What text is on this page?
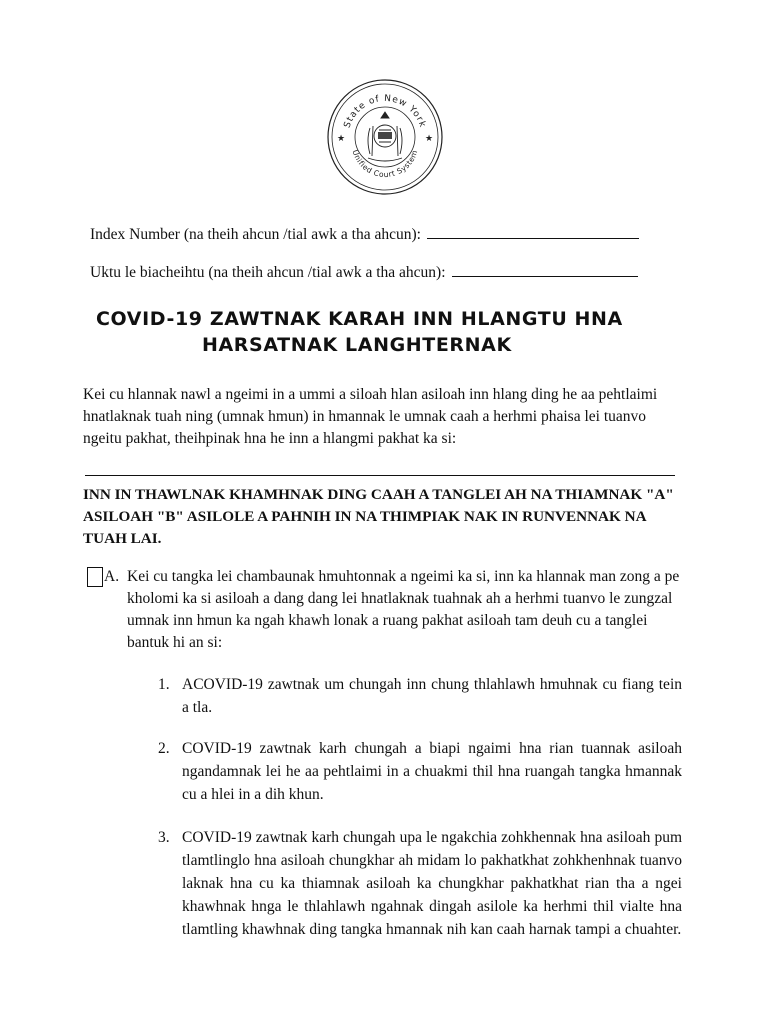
State of New York
Unified Court System
★	★
Index Number (na theih ahcun /tial awk a tha ahcun):
Uktu le biacheihtu (na theih ahcun /tial awk a tha ahcun):
COVID-19 ZAWTNAK KARAH INN HLANGTU HNA
HARSATNAK LANGHTERNAK
Kei cu hlannak nawl a ngeimi in a ummi a siloah hlan asiloah inn hlang ding he aa pehtlaimi hnatlaknak tuah ning (umnak hmun) in hmannak le umnak caah a herhmi phaisa lei tuanvo ngeitu pakhat, theihpinak hna he inn a hlangmi pakhat ka si:
INN IN THAWLNAK KHAMHNAK DING CAAH A TANGLEI AH NA THIAMNAK "A" ASILOAH "B" ASILOLE A PAHNIH IN NA THIMPIAK NAK IN RUNVENNAK NA TUAH LAI.
A. Kei cu tangka lei chambaunak hmuhtonnak a ngeimi ka si, inn ka hlannak man zong a pe kholomi ka si asiloah a dang dang lei hnatlaknak tuahnak ah a herhmi tuanvo le zungzal umnak inn hmun ka ngah khawh lonak a ruang pakhat asiloah tam deuh cu a tanglei bantuk hi an si:
1. ACOVID-19 zawtnak um chungah inn chung thlahlawh hmuhnak cu fiang tein a tla.
2. COVID-19 zawtnak karh chungah a biapi ngaimi hna rian tuannak asiloah ngandamnak lei he aa pehtlaimi in a chuakmi thil hna ruangah tangka hmannak cu a hlei in a dih khun.
3. COVID-19 zawtnak karh chungah upa le ngakchia zohkhennak hna asiloah pum tlamtlinglo hna asiloah chungkhar ah midam lo pakhatkhat zohkhenhnak tuanvo laknak hna cu ka thiamnak asiloah ka chungkhar pakhatkhat rian tha a ngei khawhnak hnga le thlahlawh ngahnak dingah asilole ka herhmi thil vialte hna tlamtling khawhnak ding tangka hmannak nih kan caah harnak tampi a chuahter.
